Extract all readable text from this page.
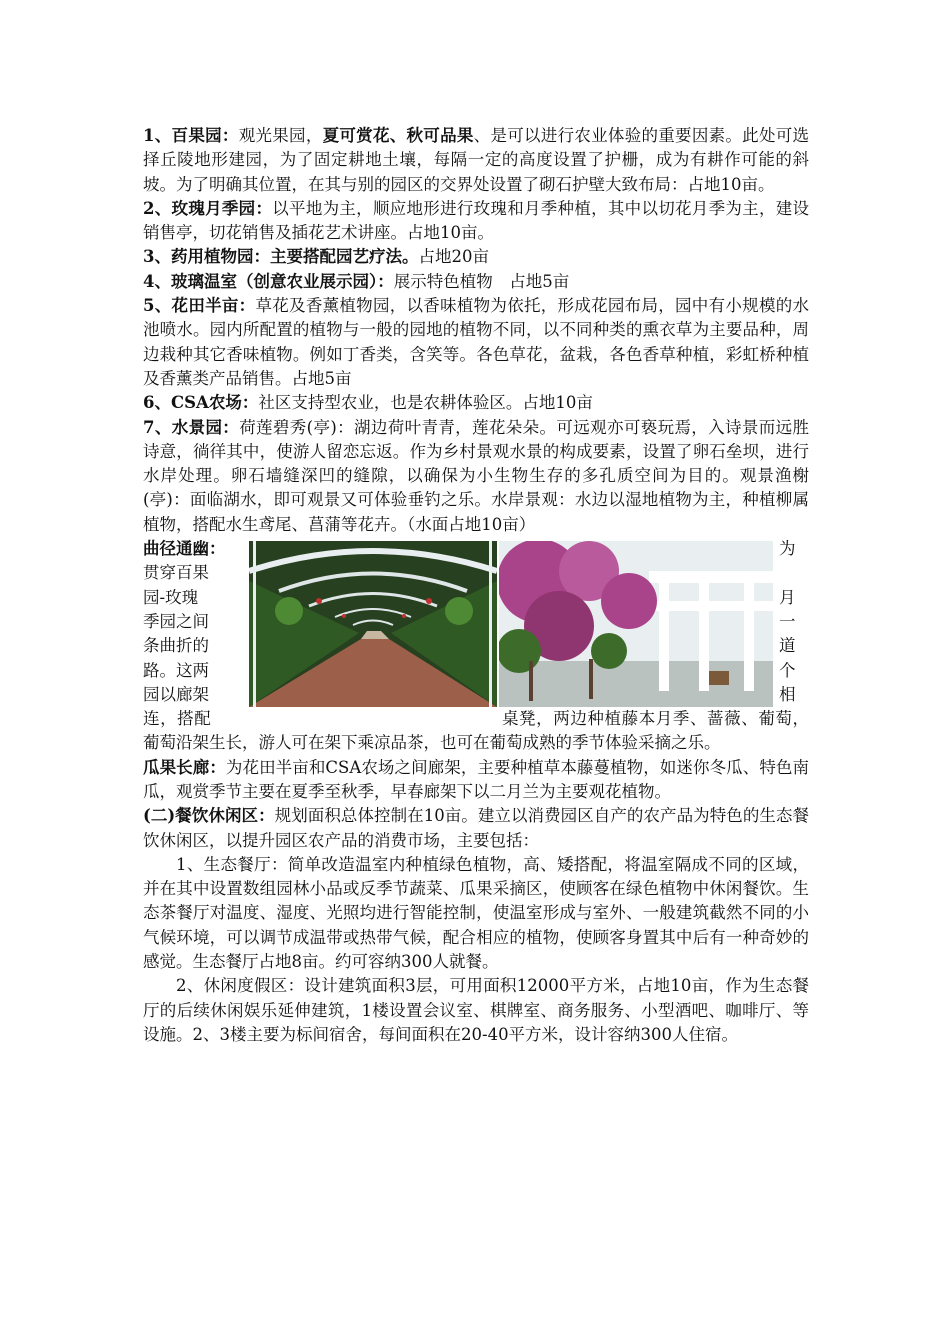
1、百果园：观光果园，夏可赏花、秋可品果、是可以进行农业体验的重要因素。此处可选择丘陵地形建园，为了固定耕地土壤，每隔一定的高度设置了护栅，成为有耕作可能的斜坡。为了明确其位置，在其与别的园区的交界处设置了砌石护壁大致布局：占地10亩。

2、玫瑰月季园：以平地为主，顺应地形进行玫瑰和月季种植，其中以切花月季为主，建设销售亭，切花销售及插花艺术讲座。占地10亩。

3、药用植物园：主要搭配园艺疗法。占地20亩

4、玻璃温室（创意农业展示园）：展示特色植物　占地5亩

5、花田半亩：草花及香薰植物园，以香味植物为依托，形成花园布局，园中有小规模的水池喷水。园内所配置的植物与一般的园地的植物不同，以不同种类的熏衣草为主要品种，周边栽种其它香味植物。例如丁香类，含笑等。各色草花，盆栽，各色香草种植，彩虹桥种植及香薰类产品销售。占地5亩

6、CSA农场：社区支持型农业，也是农耕体验区。占地10亩

7、水景园：荷莲碧秀(亭)：湖边荷叶青青，莲花朵朵。可远观亦可亵玩焉，入诗景而远胜诗意，徜徉其中，使游人留恋忘返。作为乡村景观水景的构成要素，设置了卵石垒坝，进行水岸处理。卵石墙缝深凹的缝隙，以确保为小生物生存的多孔质空间为目的。观景渔榭(亭)：面临湖水，即可观景又可体验垂钓之乐。水岸景观：水边以湿地植物为主，种植柳属植物，搭配水生鸢尾、菖蒲等花卉。（水面占地10亩）

曲径通幽：
贯穿百果
园-玫瑰
季园之间
条曲折的
路。这两
园以廊架
为
月
一
道
个
相

连，搭配	桌凳，两边种植藤本月季、蔷薇、葡萄，葡萄沿架生长，游人可在架下乘凉品茶，也可在葡萄成熟的季节体验采摘之乐。

瓜果长廊：为花田半亩和CSA农场之间廊架，主要种植草本藤蔓植物，如迷你冬瓜、特色南瓜，观赏季节主要在夏季至秋季，早春廊架下以二月兰为主要观花植物。

(二)餐饮休闲区：规划面积总体控制在10亩。建立以消费园区自产的农产品为特色的生态餐饮休闲区，以提升园区农产品的消费市场，主要包括：

1、生态餐厅：简单改造温室内种植绿色植物，高、矮搭配，将温室隔成不同的区域，并在其中设置数组园林小品或反季节蔬菜、瓜果采摘区，使顾客在绿色植物中休闲餐饮。生态茶餐厅对温度、湿度、光照均进行智能控制，使温室形成与室外、一般建筑截然不同的小气候环境，可以调节成温带或热带气候，配合相应的植物，使顾客身置其中后有一种奇妙的感觉。生态餐厅占地8亩。约可容纳300人就餐。

2、休闲度假区：设计建筑面积3层，可用面积12000平方米，占地10亩，作为生态餐厅的后续休闲娱乐延伸建筑，1楼设置会议室、棋牌室、商务服务、小型酒吧、咖啡厅、等设施。2、3楼主要为标间宿舍，每间面积在20-40平方米，设计容纳300人住宿。
